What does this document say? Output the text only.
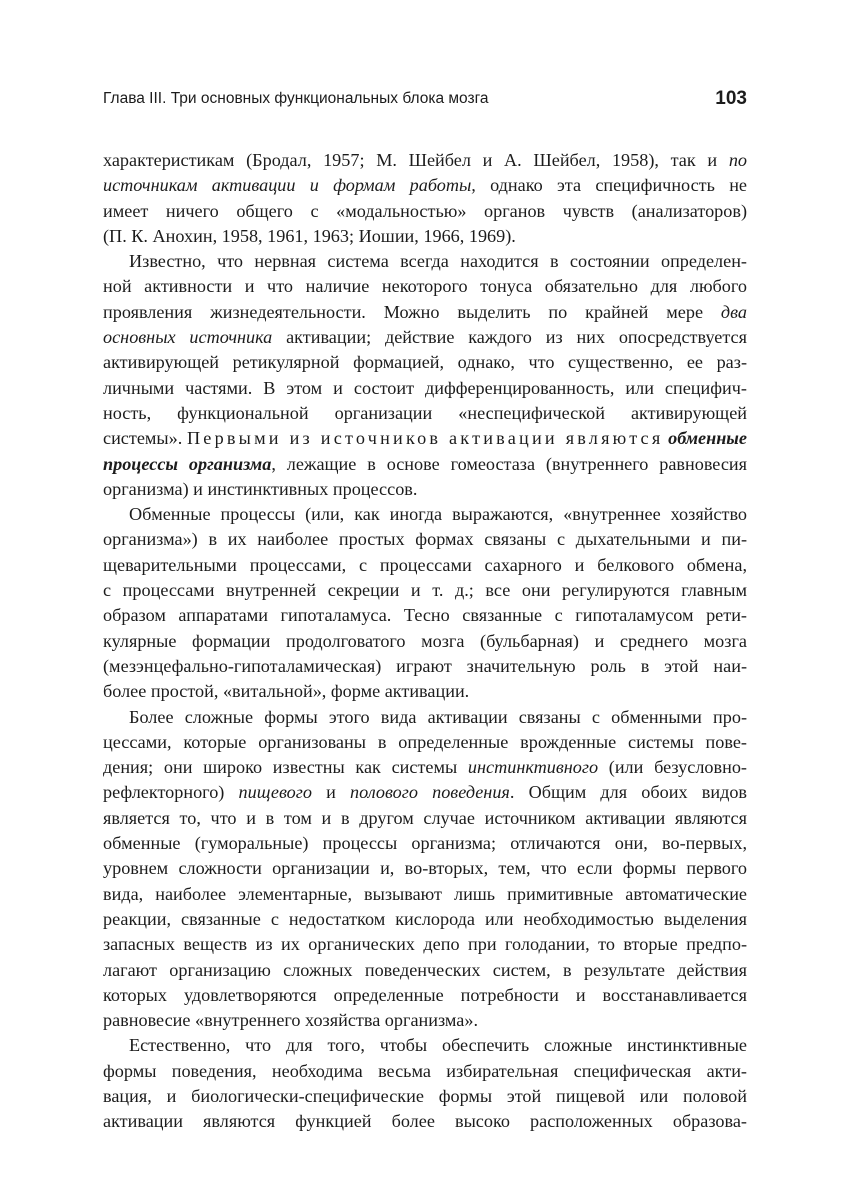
Глава III. Три основных функциональных блока мозга	103
характеристикам (Бродал, 1957; М. Шейбел и А. Шейбел, 1958), так и по
источникам активации и формам работы, однако эта специфичность не
имеет ничего общего с «модальностью» органов чувств (анализаторов)
(П. К. Анохин, 1958, 1961, 1963; Иошии, 1966, 1969).
Известно, что нервная система всегда находится в состоянии определен-
ной активности и что наличие некоторого тонуса обязательно для любого
проявления жизнедеятельности. Можно выделить по крайней мере два
основных источника активации; действие каждого из них опосредствуется
активирующей ретикулярной формацией, однако, что существенно, ее раз-
личными частями. В этом и состоит дифференцированность, или специфич-
ность, функциональной организации «неспецифической активирующей
системы». Первыми из источников активации являются обменные
процессы организма, лежащие в основе гомеостаза (внутреннего равновесия
организма) и инстинктивных процессов.
Обменные процессы (или, как иногда выражаются, «внутреннее хозяйство
организма») в их наиболее простых формах связаны с дыхательными и пи-
щеварительными процессами, с процессами сахарного и белкового обмена,
с процессами внутренней секреции и т. д.; все они регулируются главным
образом аппаратами гипоталамуса. Тесно связанные с гипоталамусом рети-
кулярные формации продолговатого мозга (бульбарная) и среднего мозга
(мезэнцефально-гипоталамическая) играют значительную роль в этой наи-
более простой, «витальной», форме активации.
Более сложные формы этого вида активации связаны с обменными про-
цессами, которые организованы в определенные врожденные системы пове-
дения; они широко известны как системы инстинктивного (или безусловно-
рефлекторного) пищевого и полового поведения. Общим для обоих видов
является то, что и в том и в другом случае источником активации являются
обменные (гуморальные) процессы организма; отличаются они, во-первых,
уровнем сложности организации и, во-вторых, тем, что если формы первого
вида, наиболее элементарные, вызывают лишь примитивные автоматические
реакции, связанные с недостатком кислорода или необходимостью выделения
запасных веществ из их органических депо при голодании, то вторые предпо-
лагают организацию сложных поведенческих систем, в результате действия
которых удовлетворяются определенные потребности и восстанавливается
равновесие «внутреннего хозяйства организма».
Естественно, что для того, чтобы обеспечить сложные инстинктивные
формы поведения, необходима весьма избирательная специфическая акти-
вация, и биологически-специфические формы этой пищевой или половой
активации являются функцией более высоко расположенных образова-
